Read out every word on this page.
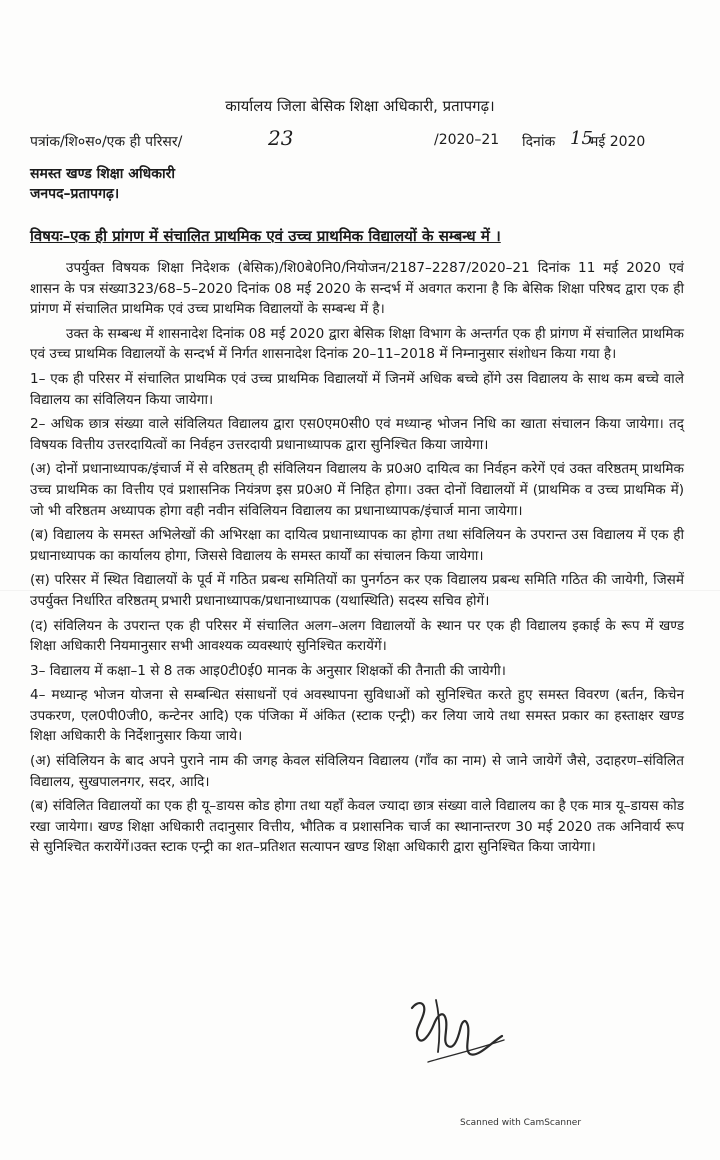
कार्यालय जिला बेसिक शिक्षा अधिकारी, प्रतापगढ़।
पत्रांक/शि०स०/एक ही परिसर/	23	/2020–21 दिनांक 15
मई 2020
समस्त खण्ड शिक्षा अधिकारी
जनपद–प्रतापगढ़।
विषयः–एक ही प्रांगण में संचालित प्राथमिक एवं उच्च प्राथमिक विद्यालयों के सम्बन्ध में ।

उपर्युक्त विषयक शिक्षा निदेशक (बेसिक)/शि0बे0नि0/नियोजन/2187–2287/2020–21 दिनांक 11 मई 2020 एवं शासन के पत्र संख्या323/68–5–2020 दिनांक 08 मई 2020 के सन्दर्भ में अवगत कराना है कि बेसिक शिक्षा परिषद द्वारा एक ही प्रांगण में संचालित प्राथमिक एवं उच्च प्राथमिक विद्यालयों के सम्बन्ध में है।

उक्त के सम्बन्ध में शासनादेश दिनांक 08 मई 2020 द्वारा बेसिक शिक्षा विभाग के अन्तर्गत एक ही प्रांगण में संचालित प्राथमिक एवं उच्च प्राथमिक विद्यालयों के सन्दर्भ में निर्गत शासनादेश दिनांक 20–11–2018 में निम्नानुसार संशोधन किया गया है।

1– एक ही परिसर में संचालित प्राथमिक एवं उच्च प्राथमिक विद्यालयों में जिनमें अधिक बच्चे होंगे उस विद्यालय के साथ कम बच्चे वाले विद्यालय का संविलियन किया जायेगा।

2– अधिक छात्र संख्या वाले संविलियत विद्यालय द्वारा एस0एम0सी0 एवं मध्यान्ह भोजन निधि का खाता संचालन किया जायेगा। तद् विषयक वित्तीय उत्तरदायित्वों का निर्वहन उत्तरदायी प्रधानाध्यापक द्वारा सुनिश्चित किया जायेगा।

(अ) दोनों प्रधानाध्यापक/इंचार्ज में से वरिष्ठतम् ही संविलियन विद्यालय के प्र0अ0 दायित्व का निर्वहन करेगें एवं उक्त वरिष्ठतम् प्राथमिक उच्च प्राथमिक का वित्तीय एवं प्रशासनिक नियंत्रण इस प्र0अ0 में निहित होगा। उक्त दोनों विद्यालयों में (प्राथमिक व उच्च प्राथमिक में) जो भी वरिष्ठतम अध्यापक होगा वही नवीन संविलियन विद्यालय का प्रधानाध्यापक/इंचार्ज माना जायेगा।

(ब) विद्यालय के समस्त अभिलेखों की अभिरक्षा का दायित्व प्रधानाध्यापक का होगा तथा संविलियन के उपरान्त उस विद्यालय में एक ही प्रधानाध्यापक का कार्यालय होगा, जिससे विद्यालय के समस्त कार्यों का संचालन किया जायेगा।

(स) परिसर में स्थित विद्यालयों के पूर्व में गठित प्रबन्ध समितियों का पुनर्गठन कर एक विद्यालय प्रबन्ध समिति गठित की जायेगी, जिसमें उपर्युक्त निर्धारित वरिष्ठतम् प्रभारी प्रधानाध्यापक/प्रधानाध्यापक (यथास्थिति) सदस्य सचिव होगें।

(द) संविलियन के उपरान्त एक ही परिसर में संचालित अलग–अलग विद्यालयों के स्थान पर एक ही विद्यालय इकाई के रूप में खण्ड शिक्षा अधिकारी नियमानुसार सभी आवश्यक व्यवस्थाएं सुनिश्चित करायेंगें।

3– विद्यालय में कक्षा–1 से 8 तक आइ0टी0ई0 मानक के अनुसार शिक्षकों की तैनाती की जायेगी।

4– मध्यान्ह भोजन योजना से सम्बन्धित संसाधनों एवं अवस्थापना सुविधाओं को सुनिश्चित करते हुए समस्त विवरण (बर्तन, किचेन उपकरण, एल0पी0जी0, कन्टेनर आदि) एक पंजिका में अंकित (स्टाक एन्ट्री) कर लिया जाये तथा समस्त प्रकार का हस्ताक्षर खण्ड शिक्षा अधिकारी के निर्देशानुसार किया जाये।

(अ) संविलियन के बाद अपने पुराने नाम की जगह केवल संविलियन विद्यालय (गाँव का नाम) से जाने जायेगें जैसे, उदाहरण–संविलित विद्यालय, सुखपालनगर, सदर, आदि।

(ब) संविलित विद्यालयों का एक ही यू–डायस कोड होगा तथा यहाँ केवल ज्यादा छात्र संख्या वाले विद्यालय का है एक मात्र यू–डायस कोड रखा जायेगा। खण्ड शिक्षा अधिकारी तदानुसार वित्तीय, भौतिक व प्रशासनिक चार्ज का स्थानान्तरण 30 मई 2020 तक अनिवार्य रूप से सुनिश्चित करायेंगें।उक्त स्टाक एन्ट्री का शत–प्रतिशत सत्यापन खण्ड शिक्षा अधिकारी द्वारा सुनिश्चित किया जायेगा।

Scanned with CamScanner
